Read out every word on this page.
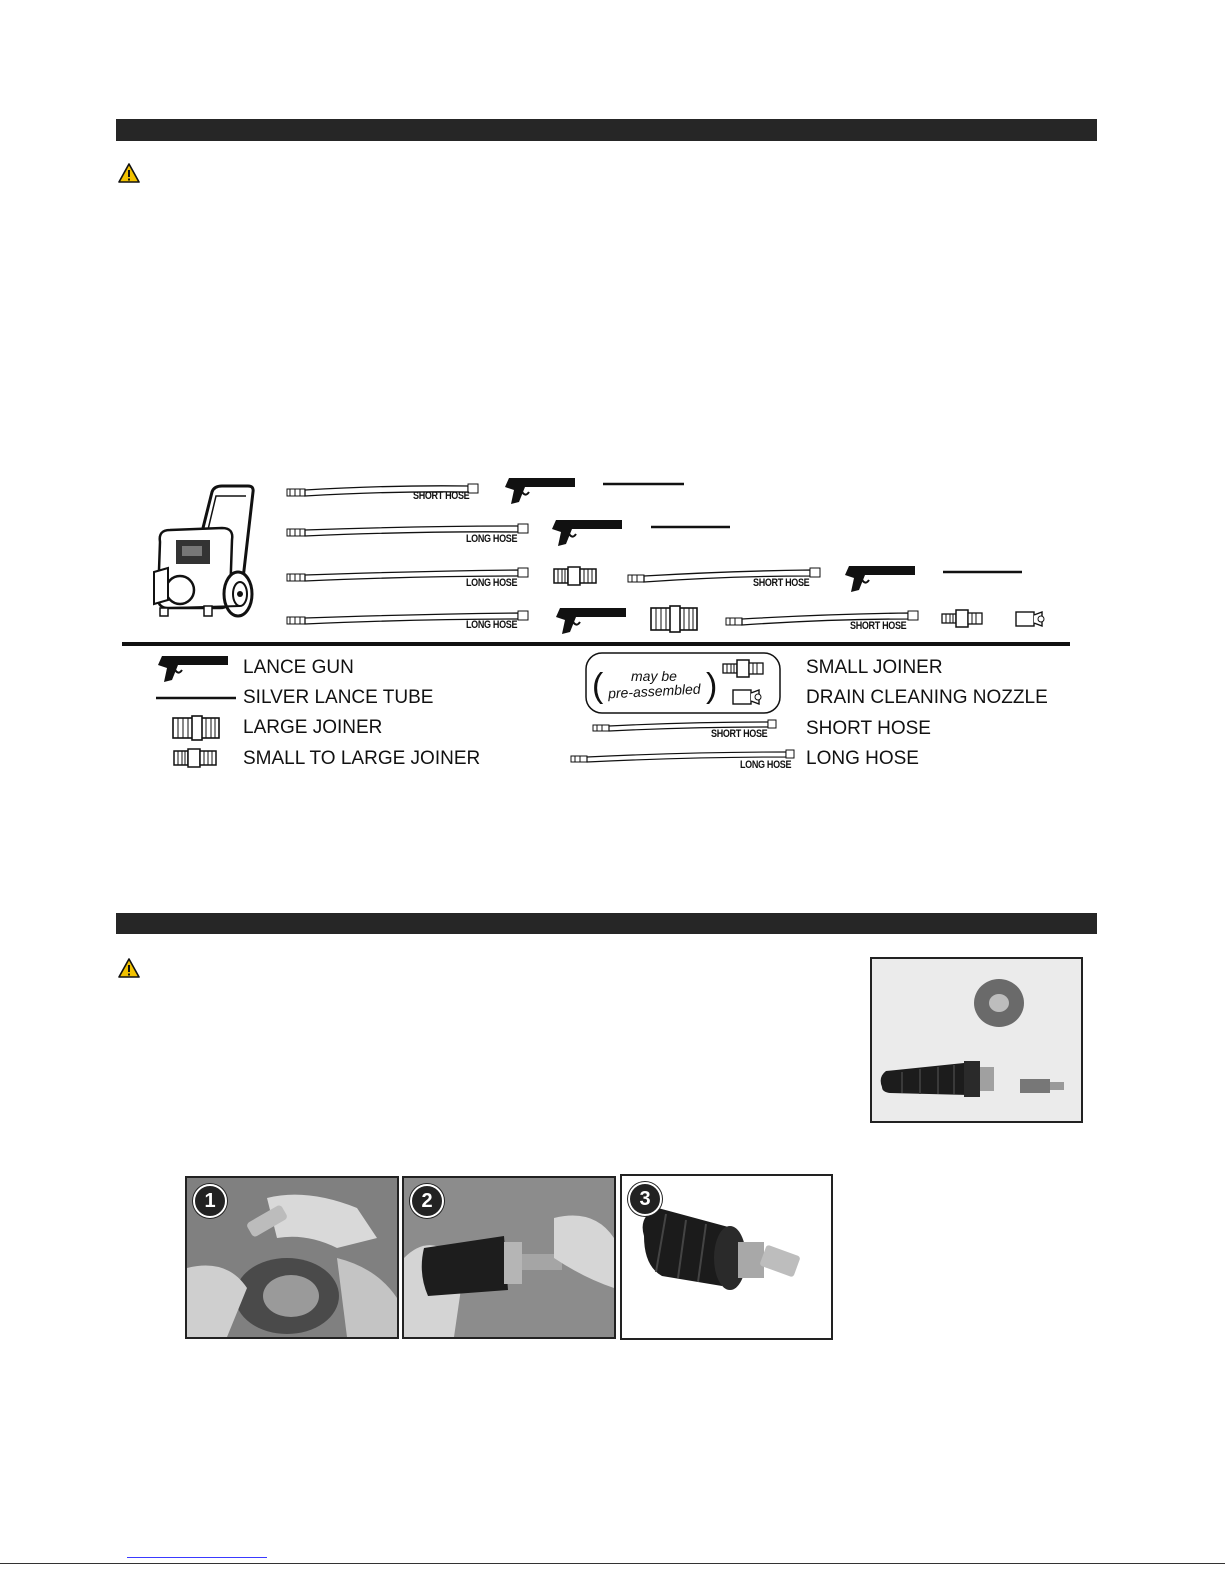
(	)
SHORT HOSE
LONG HOSE
LONG HOSE	SHORT HOSE
LONG HOSE	SHORT HOSE
LANCE GUN
SILVER LANCE TUBE
LARGE JOINER
SMALL TO LARGE JOINER
may be
pre-assembled
SHORT HOSE
LONG HOSE
SMALL JOINER
DRAIN CLEANING NOZZLE
SHORT HOSE
LONG HOSE
1	2	3
